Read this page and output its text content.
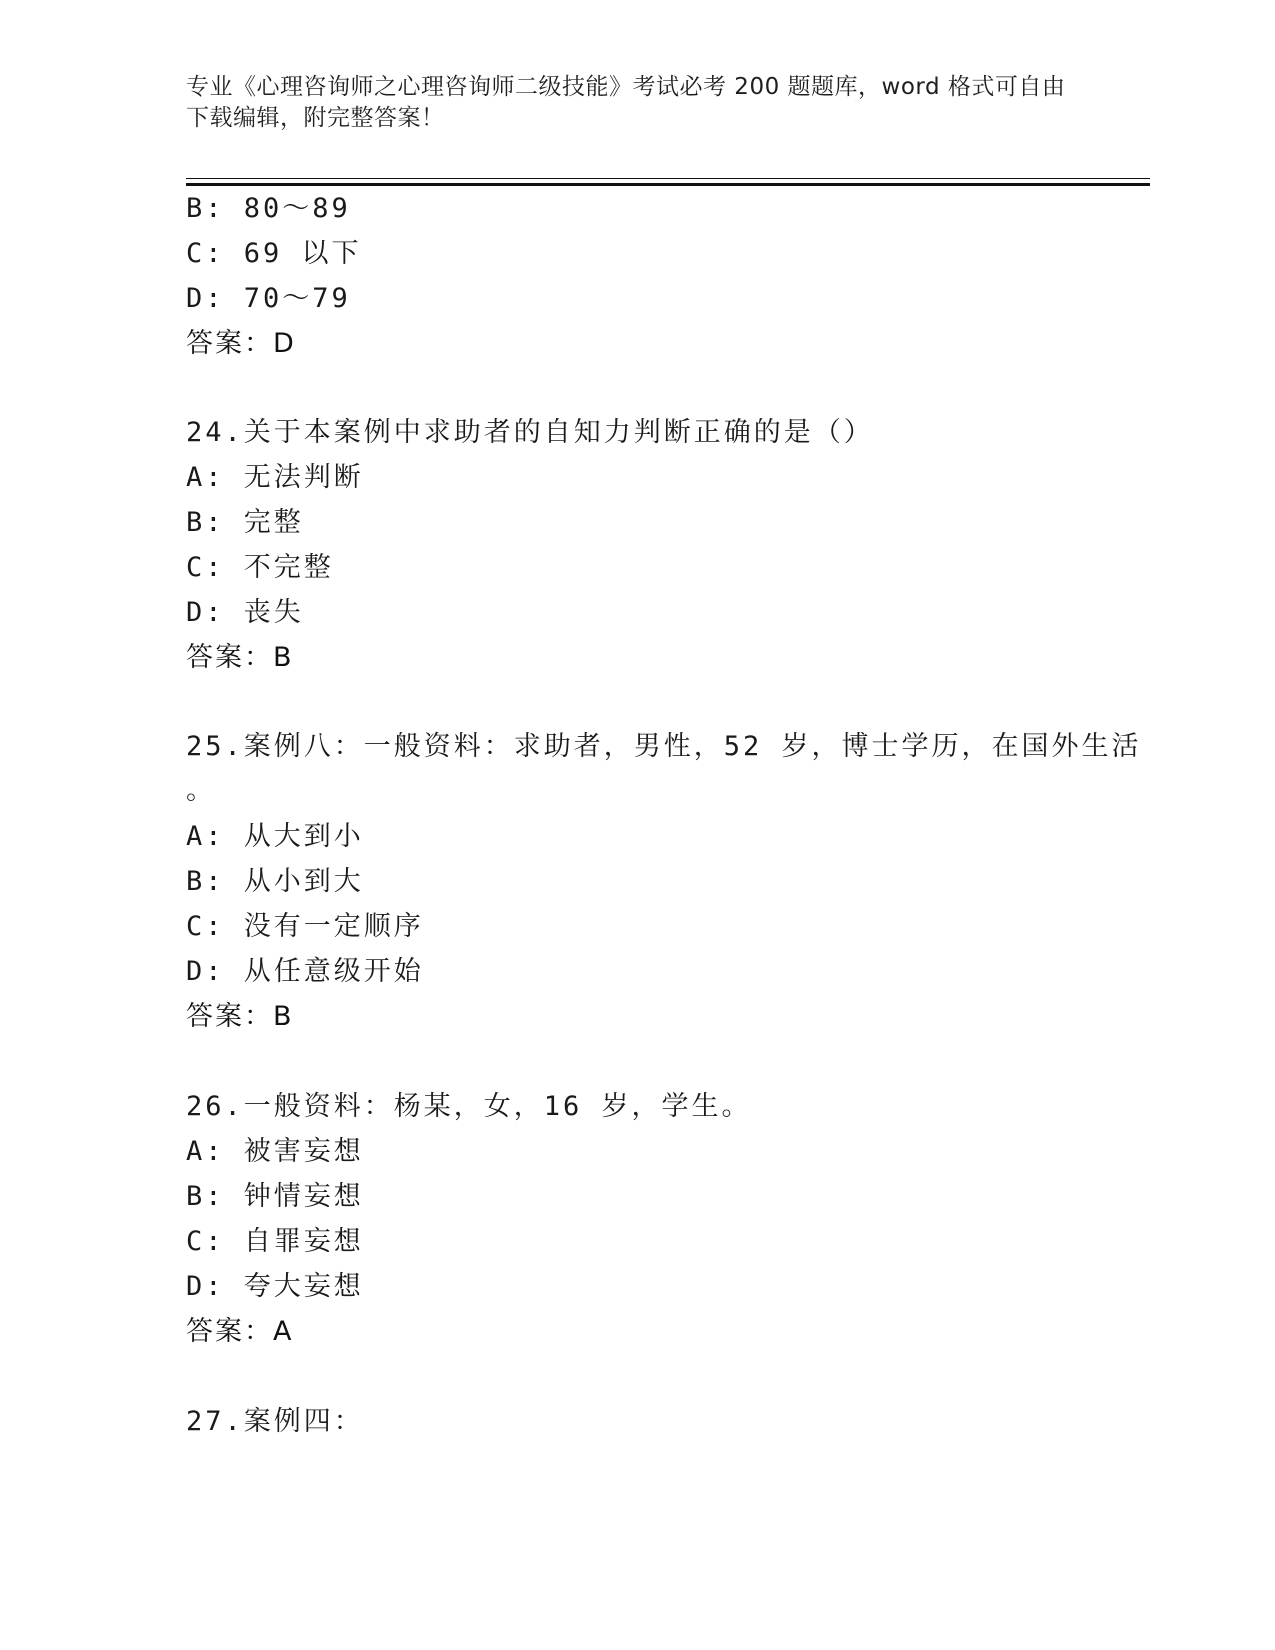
专业《心理咨询师之心理咨询师二级技能》考试必考 200 题题库，word 格式可自由下载编辑，附完整答案！
B: 80～89
C: 69 以下
D: 70～79
答案：D
24.关于本案例中求助者的自知力判断正确的是（）
A: 无法判断
B: 完整
C: 不完整
D: 丧失
答案：B
25.案例八：一般资料：求助者，男性，52 岁，博士学历，在国外生活
。
A: 从大到小
B: 从小到大
C: 没有一定顺序
D: 从任意级开始
答案：B
26.一般资料：杨某，女，16 岁，学生。
A: 被害妄想
B: 钟情妄想
C: 自罪妄想
D: 夸大妄想
答案：A
27.案例四：
